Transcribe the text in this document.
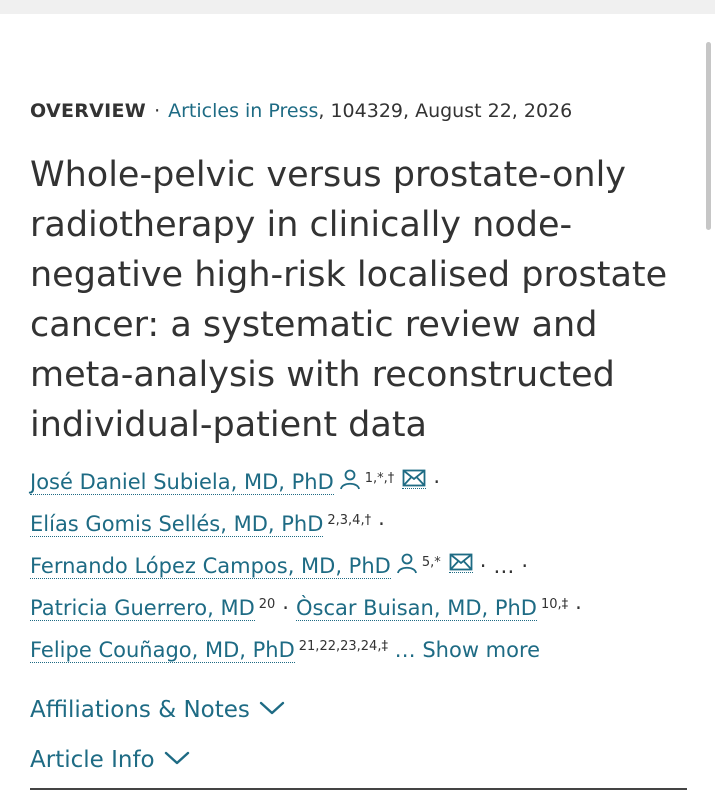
OVERVIEW · Articles in Press, 104329, August 22, 2026
Whole-pelvic versus prostate-only radiotherapy in clinically node-negative high-risk localised prostate cancer: a systematic review and meta-analysis with reconstructed individual-patient data
José Daniel Subiela, MD, PhD $^{1,*,\dagger}$ ·
Elías Gomis Sellés, MD, PhD $^{2,3,4,\dagger}$ ·
Fernando López Campos, MD, PhD $^{5,*}$ · … ·
Patricia Guerrero, MD $^{20}$ · Òscar Buisan, MD, PhD $^{10,\ddagger}$ ·
Felipe Couñago, MD, PhD $^{21,22,23,24,\ddagger}$ … Show more
Affiliations & Notes
Article Info
